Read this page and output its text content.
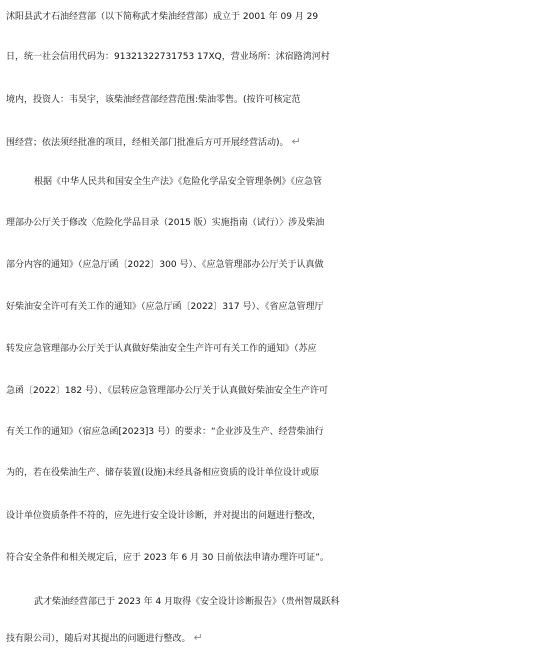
沭阳县武才石油经营部（以下简称武才柴油经营部）成立于 2001 年 09 月 29
日，统一社会信用代码为：91321322731753 17XQ，营业场所：沭宿路湾河村
境内，投资人：韦昊宇，该柴油经营部经营范围:柴油零售。(按许可核定范
围经营；依法须经批准的项目，经相关部门批准后方可开展经营活动)。 ↵
根据《中华人民共和国安全生产法》《危险化学品安全管理条例》《应急管
理部办公厅关于修改〈危险化学品目录（2015 版）实施指南（试行）〉涉及柴油
部分内容的通知》（应急厅函〔2022〕300 号）、《应急管理部办公厅关于认真做
好柴油安全许可有关工作的通知》（应急厅函〔2022〕317 号）、《省应急管理厅
转发应急管理部办公厅关于认真做好柴油安全生产许可有关工作的通知》（苏应
急函〔2022〕182 号）、《层转应急管理部办公厅关于认真做好柴油安全生产许可
有关工作的通知》（宿应急函[2023]3 号）的要求：“企业涉及生产、经营柴油行
为的，若在役柴油生产、储存装置(设施)未经具备相应资质的设计单位设计或原
设计单位资质条件不符的，应先进行安全设计诊断，并对提出的问题进行整改，
符合安全条件和相关规定后，应于 2023 年 6 月 30 日前依法申请办理许可证”。
武才柴油经营部已于 2023 年 4 月取得《安全设计诊断报告》（贵州智晟跃科
技有限公司），随后对其提出的问题进行整改。 ↵
